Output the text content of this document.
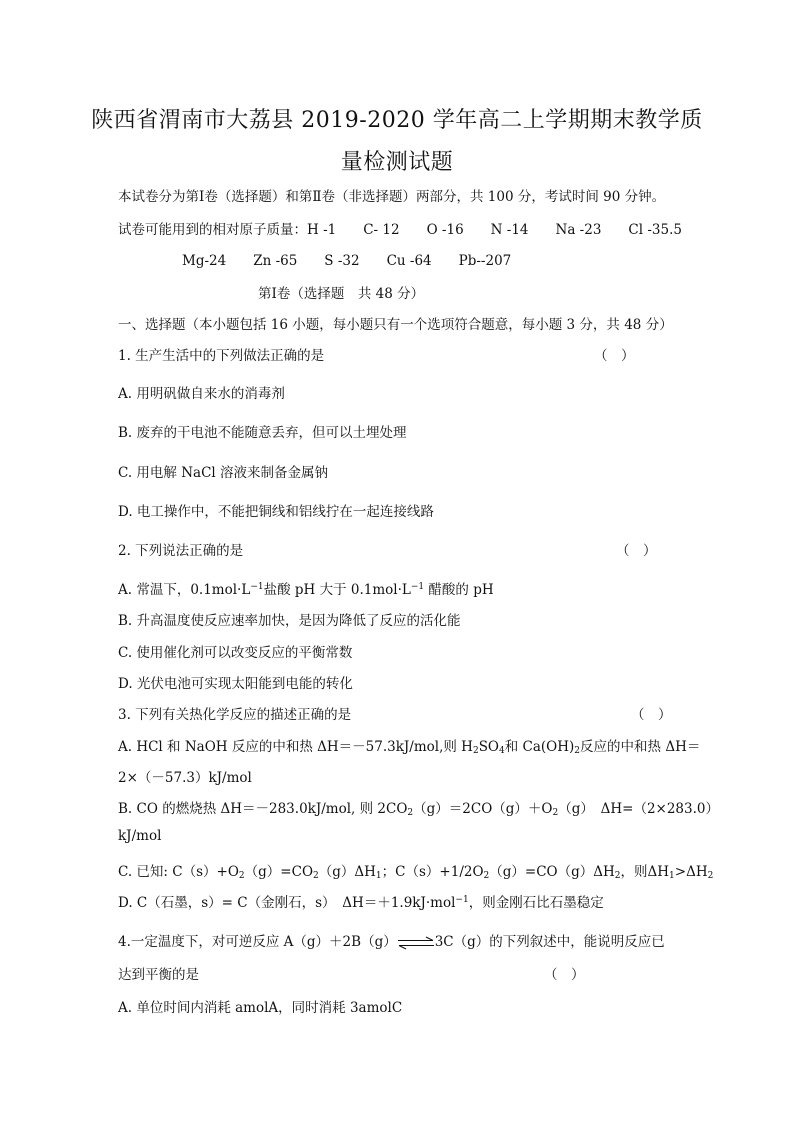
陕西省渭南市大荔县 2019-2020 学年高二上学期期末教学质
量检测试题
本试卷分为第Ⅰ卷（选择题）和第Ⅱ卷（非选择题）两部分，共 100 分，考试时间 90 分钟。
试卷可能用到的相对原子质量：H -1　　C- 12　　O -16　　N -14　　Na -23　　Cl -35.5
Mg-24　　Zn -65　　S -32　　Cu -64　　Pb--207
第Ⅰ卷（选择题　共 48 分）
一、选择题（本小题包括 16 小题，每小题只有一个选项符合题意，每小题 3 分，共 48 分）
1. 生产生活中的下列做法正确的是	（　）
A. 用明矾做自来水的消毒剂
B. 废弃的干电池不能随意丢弃，但可以土埋处理
C. 用电解 NaCl 溶液来制备金属钠
D. 电工操作中，不能把铜线和铝线拧在一起连接线路
2. 下列说法正确的是	（　）
A. 常温下，$0.1mol\cdot L^{-1}$盐酸 pH 大于 $0.1mol\cdot L^{-1}$ 醋酸的 pH
B. 升高温度使反应速率加快，是因为降低了反应的活化能
C. 使用催化剂可以改变反应的平衡常数
D. 光伏电池可实现太阳能到电能的转化
3. 下列有关热化学反应的描述正确的是	（　）
A. HCl 和 NaOH 反应的中和热 ΔH＝－57.3kJ/mol,则 H2SO4和 Ca(OH)2反应的中和热 ΔH＝
2×（－57.3）kJ/mol
B. CO 的燃烧热 ΔH＝－283.0kJ/mol, 则 2CO2（g）＝2CO（g）＋O2（g）　ΔH=（2×283.0）
kJ/mol
C. 已知: C（s）+O2（g）=CO2（g）ΔH1；C（s）+1/2O2（g）=CO（g）ΔH2，则ΔH1>ΔH2
D. C（石墨，s）= C（金刚石，s）　ΔH＝＋1.9kJ·mol$^{-1}$，则金刚石比石墨稳定
4.一定温度下，对可逆反应 A（g）＋2B（g）⇌3C（g）的下列叙述中，能说明反应已
达到平衡的是	（　）
A. 单位时间内消耗 amolA，同时消耗 3amolC
